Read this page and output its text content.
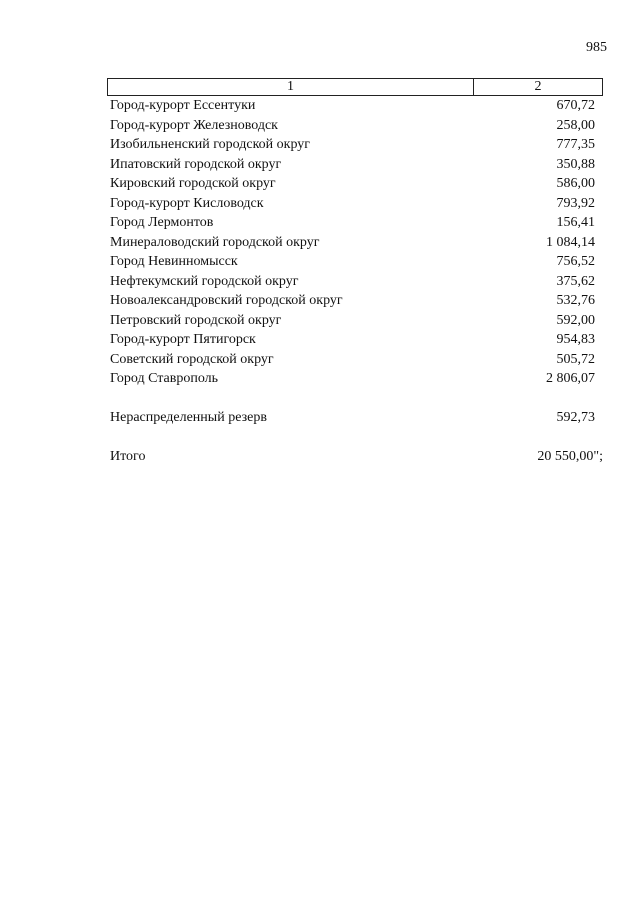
985
1	2
Город-курорт Ессентуки	670,72
Город-курорт Железноводск	258,00
Изобильненский городской округ	777,35
Ипатовский городской округ	350,88
Кировский городской округ	586,00
Город-курорт Кисловодск	793,92
Город Лермонтов	156,41
Минераловодский городской округ	1 084,14
Город Невинномысск	756,52
Нефтекумский городской округ	375,62
Новоалександровский городской округ	532,76
Петровский городской округ	592,00
Город-курорт Пятигорск	954,83
Советский городской округ	505,72
Город Ставрополь	2 806,07
Нераспределенный резерв	592,73
Итого	20 550,00";
